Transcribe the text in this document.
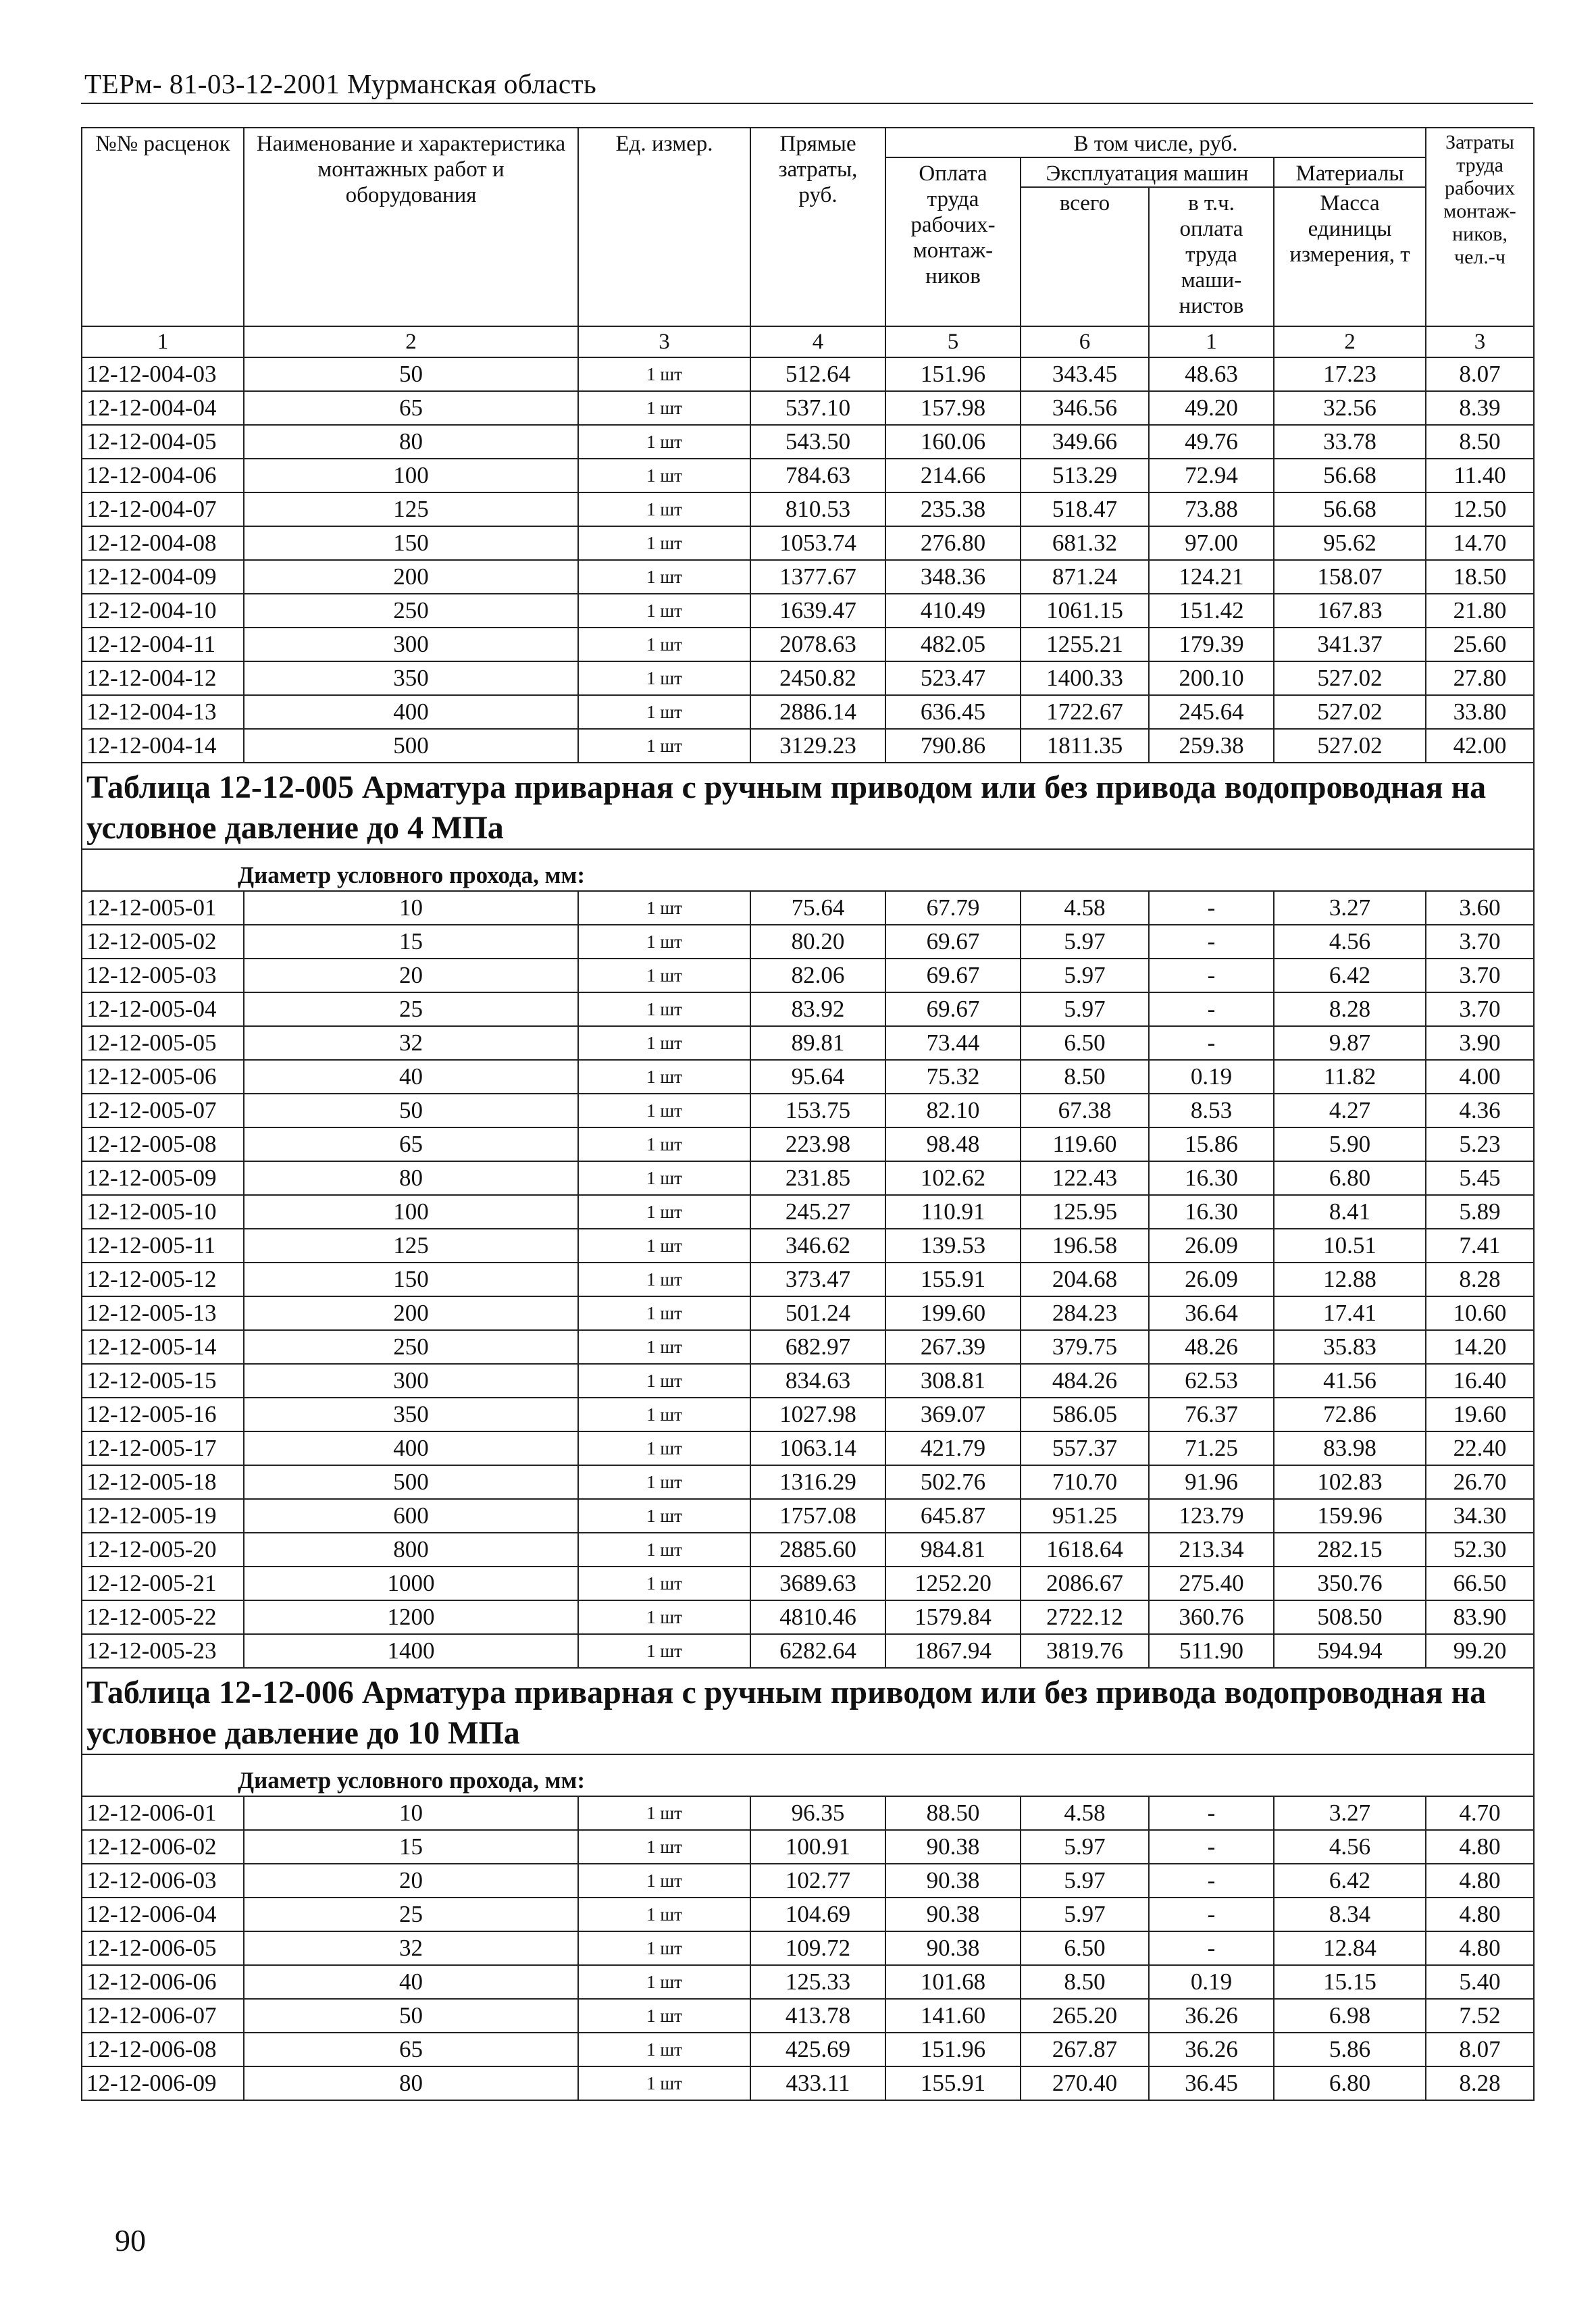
ТЕРм- 81-03-12-2001 Мурманская область
№№ расценок	Наименование и характеристика монтажных работ и оборудования	Ед. измер.	Прямые затраты, руб.	В том числе, руб.				Затраты труда рабочих монтаж-ников, чел.-ч
				Оплата труда рабочих-монтаж-ников	Эксплуатация машин		Материалы	
					всего	в т.ч. оплата труда маши-нистов	Масса единицы измерения, т	
1	2	3	4	5	6	1	2	3
12-12-004-03	50	1 шт	512.64	151.96	343.45	48.63	17.23	8.07
12-12-004-04	65	1 шт	537.10	157.98	346.56	49.20	32.56	8.39
12-12-004-05	80	1 шт	543.50	160.06	349.66	49.76	33.78	8.50
12-12-004-06	100	1 шт	784.63	214.66	513.29	72.94	56.68	11.40
12-12-004-07	125	1 шт	810.53	235.38	518.47	73.88	56.68	12.50
12-12-004-08	150	1 шт	1053.74	276.80	681.32	97.00	95.62	14.70
12-12-004-09	200	1 шт	1377.67	348.36	871.24	124.21	158.07	18.50
12-12-004-10	250	1 шт	1639.47	410.49	1061.15	151.42	167.83	21.80
12-12-004-11	300	1 шт	2078.63	482.05	1255.21	179.39	341.37	25.60
12-12-004-12	350	1 шт	2450.82	523.47	1400.33	200.10	527.02	27.80
12-12-004-13	400	1 шт	2886.14	636.45	1722.67	245.64	527.02	33.80
12-12-004-14	500	1 шт	3129.23	790.86	1811.35	259.38	527.02	42.00
Таблица 12-12-005 Арматура приварная с ручным приводом или без привода водопроводная на условное давление до 4 МПа								
Диаметр условного прохода, мм:								
12-12-005-01	10	1 шт	75.64	67.79	4.58	-	3.27	3.60
12-12-005-02	15	1 шт	80.20	69.67	5.97	-	4.56	3.70
12-12-005-03	20	1 шт	82.06	69.67	5.97	-	6.42	3.70
12-12-005-04	25	1 шт	83.92	69.67	5.97	-	8.28	3.70
12-12-005-05	32	1 шт	89.81	73.44	6.50	-	9.87	3.90
12-12-005-06	40	1 шт	95.64	75.32	8.50	0.19	11.82	4.00
12-12-005-07	50	1 шт	153.75	82.10	67.38	8.53	4.27	4.36
12-12-005-08	65	1 шт	223.98	98.48	119.60	15.86	5.90	5.23
12-12-005-09	80	1 шт	231.85	102.62	122.43	16.30	6.80	5.45
12-12-005-10	100	1 шт	245.27	110.91	125.95	16.30	8.41	5.89
12-12-005-11	125	1 шт	346.62	139.53	196.58	26.09	10.51	7.41
12-12-005-12	150	1 шт	373.47	155.91	204.68	26.09	12.88	8.28
12-12-005-13	200	1 шт	501.24	199.60	284.23	36.64	17.41	10.60
12-12-005-14	250	1 шт	682.97	267.39	379.75	48.26	35.83	14.20
12-12-005-15	300	1 шт	834.63	308.81	484.26	62.53	41.56	16.40
12-12-005-16	350	1 шт	1027.98	369.07	586.05	76.37	72.86	19.60
12-12-005-17	400	1 шт	1063.14	421.79	557.37	71.25	83.98	22.40
12-12-005-18	500	1 шт	1316.29	502.76	710.70	91.96	102.83	26.70
12-12-005-19	600	1 шт	1757.08	645.87	951.25	123.79	159.96	34.30
12-12-005-20	800	1 шт	2885.60	984.81	1618.64	213.34	282.15	52.30
12-12-005-21	1000	1 шт	3689.63	1252.20	2086.67	275.40	350.76	66.50
12-12-005-22	1200	1 шт	4810.46	1579.84	2722.12	360.76	508.50	83.90
12-12-005-23	1400	1 шт	6282.64	1867.94	3819.76	511.90	594.94	99.20
Таблица 12-12-006 Арматура приварная с ручным приводом или без привода водопроводная на условное давление до 10 МПа								
Диаметр условного прохода, мм:								
12-12-006-01	10	1 шт	96.35	88.50	4.58	-	3.27	4.70
12-12-006-02	15	1 шт	100.91	90.38	5.97	-	4.56	4.80
12-12-006-03	20	1 шт	102.77	90.38	5.97	-	6.42	4.80
12-12-006-04	25	1 шт	104.69	90.38	5.97	-	8.34	4.80
12-12-006-05	32	1 шт	109.72	90.38	6.50	-	12.84	4.80
12-12-006-06	40	1 шт	125.33	101.68	8.50	0.19	15.15	5.40
12-12-006-07	50	1 шт	413.78	141.60	265.20	36.26	6.98	7.52
12-12-006-08	65	1 шт	425.69	151.96	267.87	36.26	5.86	8.07
12-12-006-09	80	1 шт	433.11	155.91	270.40	36.45	6.80	8.28
90
